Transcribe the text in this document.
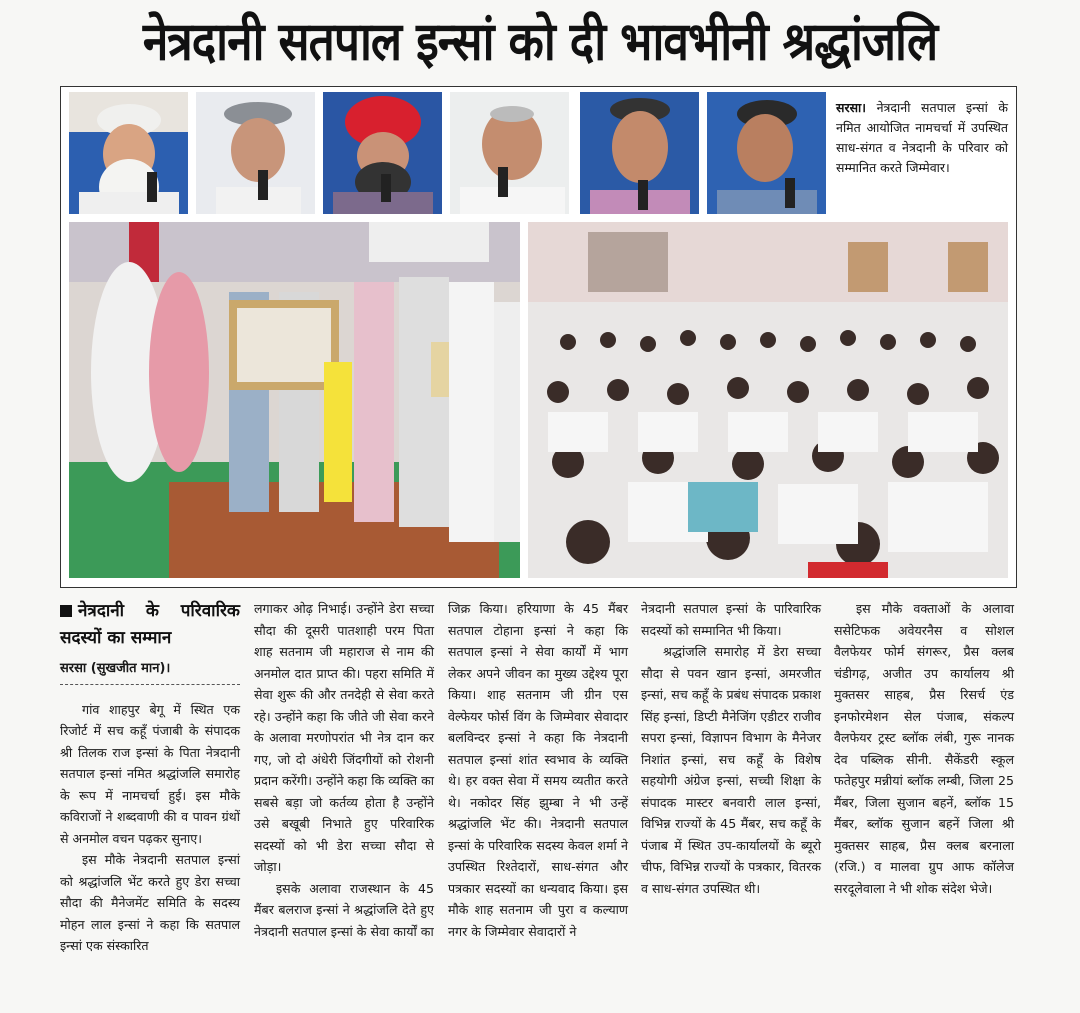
नेत्रदानी सतपाल इन्सां को दी भावभीनी श्रद्धांजलि
सरसा। नेत्रदानी सतपाल इन्सां के नमित आयोजित नामचर्चा में उपस्थित साध-संगत व नेत्रदानी के परिवार को सम्मानित करते जिम्मेवार।
नेत्रदानी के परिवारिक सदस्यों का सम्मान
सरसा (सुखजीत मान)।

गांव शाहपुर बेगू में स्थित एक रिजोर्ट में सच कहूँ पंजाबी के संपादक श्री तिलक राज इन्सां के पिता नेत्रदानी सतपाल इन्सां नमित श्रद्धांजलि समारोह के रूप में नामचर्चा हुई। इस मौके कविराजों ने शब्दवाणी की व पावन ग्रंथों से अनमोल वचन पढ़कर सुनाए।

इस मौके नेत्रदानी सतपाल इन्सां को श्रद्धांजलि भेंट करते हुए डेरा सच्चा सौदा की मैनेजमेंट समिति के सदस्य मोहन लाल इन्सां ने कहा कि सतपाल इन्सां एक संस्कारित

लगाकर ओढ़ निभाई। उन्होंने डेरा सच्चा सौदा की दूसरी पातशाही परम पिता शाह सतनाम जी महाराज से नाम की अनमोल दात प्राप्त की। पहरा समिति में सेवा शुरू की और तनदेही से सेवा करते रहे। उन्होंने कहा कि जीते जी सेवा करने के अलावा मरणोपरांत भी नेत्र दान कर गए, जो दो अंधेरी जिंदगीयों को रोशनी प्रदान करेंगी। उन्होंने कहा कि व्यक्ति का सबसे बड़ा जो कर्तव्य होता है उन्होंने उसे बखूबी निभाते हुए परिवारिक सदस्यों को भी डेरा सच्चा सौदा से जोड़ा।

इसके अलावा राजस्थान के 45 मैंबर बलराज इन्सां ने श्रद्धांजलि देते हुए नेत्रदानी सतपाल इन्सां के सेवा कार्यों का

जिक्र किया। हरियाणा के 45 मैंबर सतपाल टोहाना इन्सां ने कहा कि सतपाल इन्सां ने सेवा कार्यों में भाग लेकर अपने जीवन का मुख्य उद्देश्य पूरा किया। शाह सतनाम जी ग्रीन एस वेल्फेयर फोर्स विंग के जिम्मेवार सेवादार बलविन्दर इन्सां ने कहा कि नेत्रदानी सतपाल इन्सां शांत स्वभाव के व्यक्ति थे। हर वक्त सेवा में समय व्यतीत करते थे। नकोदर सिंह झुम्बा ने भी उन्हें श्रद्धांजलि भेंट की। नेत्रदानी सतपाल इन्सां के परिवारिक सदस्य केवल शर्मा ने उपस्थित रिश्तेदारों, साध-संगत और पत्रकार सदस्यों का धन्यवाद किया। इस मौके शाह सतनाम जी पुरा व कल्याण नगर के जिम्मेवार सेवादारों ने

नेत्रदानी सतपाल इन्सां के पारिवारिक सदस्यों को सम्मानित भी किया।

श्रद्धांजलि समारोह में डेरा सच्चा सौदा से पवन खान इन्सां, अमरजीत इन्सां, सच कहूँ के प्रबंध संपादक प्रकाश सिंह इन्सां, डिप्टी मैनेजिंग एडीटर राजीव सपरा इन्सां, विज्ञापन विभाग के मैनेजर निशांत इन्सां, सच कहूँ के विशेष सहयोगी अंग्रेज इन्सां, सच्ची शिक्षा के संपादक मास्टर बनवारी लाल इन्सां, विभिन्न राज्यों के 45 मैंबर, सच कहूँ के पंजाब में स्थित उप-कार्यालयों के ब्यूरो चीफ, विभिन्न राज्यों के पत्रकार, वितरक व साध-संगत उपस्थित थी।

इस मौके वक्ताओं के अलावा ससेटिफक अवेयरनैस व सोशल वैलफेयर फोर्म संगरूर, प्रैस क्लब चंडीगढ़, अजीत उप कार्यालय श्री मुक्तसर साहब, प्रैस रिसर्च एंड इनफोरमेशन सेल पंजाब, संकल्प वैलफेयर ट्रस्ट ब्लॉक लंबी, गुरू नानक देव पब्लिक सीनी. सैकेंडरी स्कूल फतेहपुर मन्नीयां ब्लॉक लम्बी, जिला 25 मैंबर, जिला सुजान बहनें, ब्लॉक 15 मैंबर, ब्लॉक सुजान बहनें जिला श्री मुक्तसर साहब, प्रैस क्लब बरनाला (रजि.) व मालवा ग्रुप आफ कॉलेज सरदूलेवाला ने भी शोक संदेश भेजे।
